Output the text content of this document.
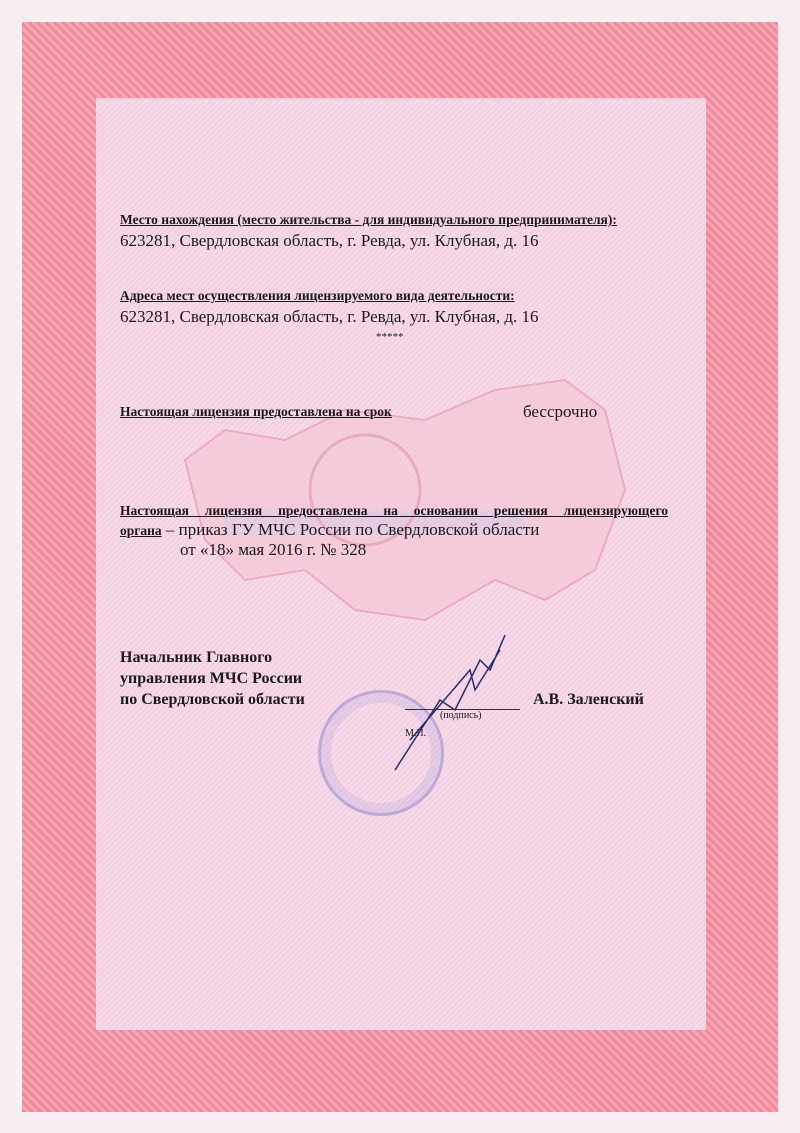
Место нахождения (место жительства - для индивидуального предпринимателя):
623281, Свердловская область, г. Ревда, ул. Клубная, д. 16
Адреса мест осуществления лицензируемого вида деятельности:
623281, Свердловская область, г. Ревда, ул. Клубная, д. 16
*****
Настоящая лицензия предоставлена на срок	бессрочно
Настоящая лицензия предоставлена на основании решения лицензирующего
органа – приказ ГУ МЧС России по Свердловской области
от «18» мая 2016 г. № 328
Начальник Главного
управления МЧС России
по Свердловской области	А.В. Заленский
(подпись)
М.П.
